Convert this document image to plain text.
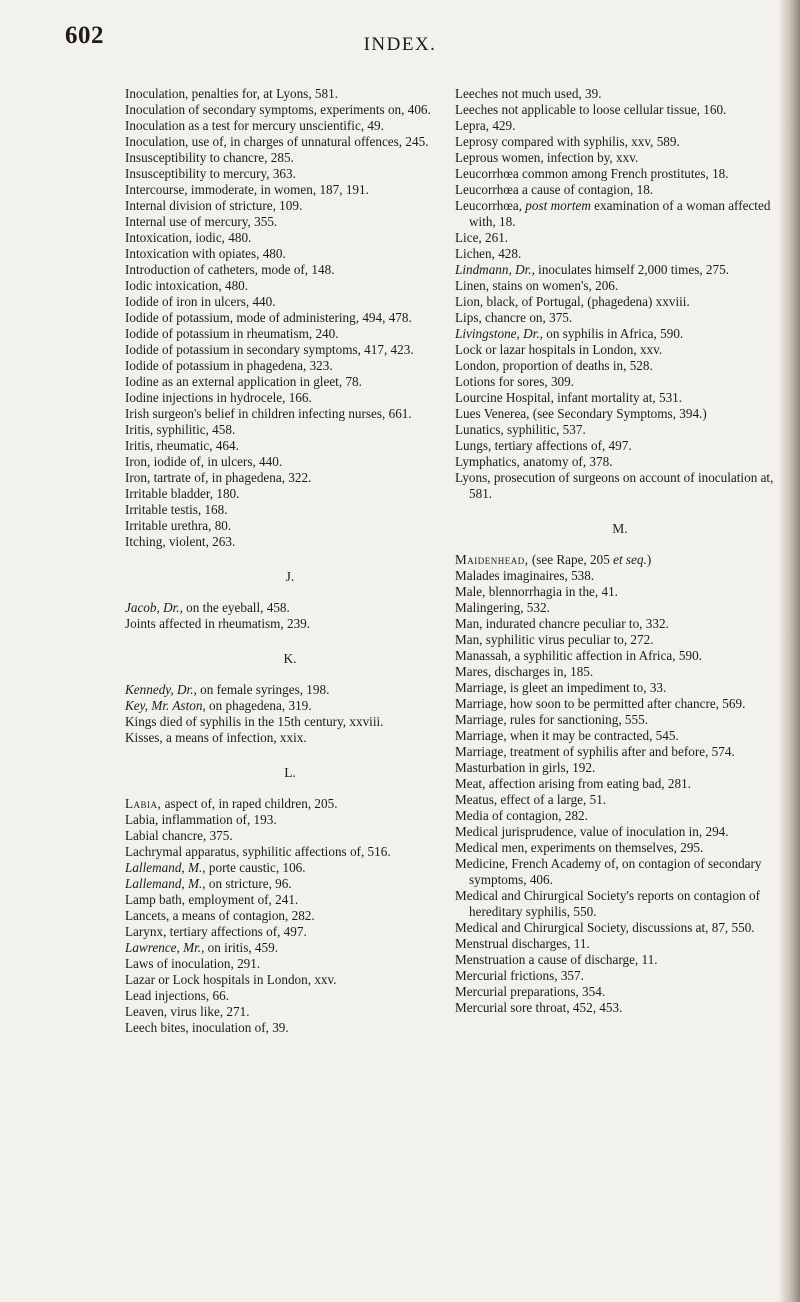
602	INDEX.
Inoculation, penalties for, at Lyons, 581.
Inoculation of secondary symptoms, experiments on, 406.
Inoculation as a test for mercury unscientific, 49.
Inoculation, use of, in charges of unnatural offences, 245.
Insusceptibility to chancre, 285.
Insusceptibility to mercury, 363.
Intercourse, immoderate, in women, 187, 191.
Internal division of stricture, 109.
Internal use of mercury, 355.
Intoxication, iodic, 480.
Intoxication with opiates, 480.
Introduction of catheters, mode of, 148.
Iodic intoxication, 480.
Iodide of iron in ulcers, 440.
Iodide of potassium, mode of administering, 494, 478.
Iodide of potassium in rheumatism, 240.
Iodide of potassium in secondary symptoms, 417, 423.
Iodide of potassium in phagedena, 323.
Iodine as an external application in gleet, 78.
Iodine injections in hydrocele, 166.
Irish surgeon's belief in children infecting nurses, 661.
Iritis, syphilitic, 458.
Iritis, rheumatic, 464.
Iron, iodide of, in ulcers, 440.
Iron, tartrate of, in phagedena, 322.
Irritable bladder, 180.
Irritable testis, 168.
Irritable urethra, 80.
Itching, violent, 263.
J.
Jacob, Dr., on the eyeball, 458.
Joints affected in rheumatism, 239.
K.
Kennedy, Dr., on female syringes, 198.
Key, Mr. Aston, on phagedena, 319.
Kings died of syphilis in the 15th century, xxviii.
Kisses, a means of infection, xxix.
L.
Labia, aspect of, in raped children, 205.
Labia, inflammation of, 193.
Labial chancre, 375.
Lachrymal apparatus, syphilitic affections of, 516.
Lallemand, M., porte caustic, 106.
Lallemand, M., on stricture, 96.
Lamp bath, employment of, 241.
Lancets, a means of contagion, 282.
Larynx, tertiary affections of, 497.
Lawrence, Mr., on iritis, 459.
Laws of inoculation, 291.
Lazar or Lock hospitals in London, xxv.
Lead injections, 66.
Leaven, virus like, 271.
Leech bites, inoculation of, 39.
Leeches not much used, 39.
Leeches not applicable to loose cellular tissue, 160.
Lepra, 429.
Leprosy compared with syphilis, xxv, 589.
Leprous women, infection by, xxv.
Leucorrhœa common among French prostitutes, 18.
Leucorrhœa a cause of contagion, 18.
Leucorrhœa, post mortem examination of a woman affected with, 18.
Lice, 261.
Lichen, 428.
Lindmann, Dr., inoculates himself 2,000 times, 275.
Linen, stains on women's, 206.
Lion, black, of Portugal, (phagedena) xxviii.
Lips, chancre on, 375.
Livingstone, Dr., on syphilis in Africa, 590.
Lock or lazar hospitals in London, xxv.
London, proportion of deaths in, 528.
Lotions for sores, 309.
Lourcine Hospital, infant mortality at, 531.
Lues Venerea, (see Secondary Symptoms, 394.)
Lunatics, syphilitic, 537.
Lungs, tertiary affections of, 497.
Lymphatics, anatomy of, 378.
Lyons, prosecution of surgeons on account of inoculation at, 581.
M.
Maidenhead, (see Rape, 205 et seq.)
Malades imaginaires, 538.
Male, blennorrhagia in the, 41.
Malingering, 532.
Man, indurated chancre peculiar to, 332.
Man, syphilitic virus peculiar to, 272.
Manassah, a syphilitic affection in Africa, 590.
Mares, discharges in, 185.
Marriage, is gleet an impediment to, 33.
Marriage, how soon to be permitted after chancre, 569.
Marriage, rules for sanctioning, 555.
Marriage, when it may be contracted, 545.
Marriage, treatment of syphilis after and before, 574.
Masturbation in girls, 192.
Meat, affection arising from eating bad, 281.
Meatus, effect of a large, 51.
Media of contagion, 282.
Medical jurisprudence, value of inoculation in, 294.
Medical men, experiments on themselves, 295.
Medicine, French Academy of, on contagion of secondary symptoms, 406.
Medical and Chirurgical Society's reports on contagion of hereditary syphilis, 550.
Medical and Chirurgical Society, discussions at, 87, 550.
Menstrual discharges, 11.
Menstruation a cause of discharge, 11.
Mercurial frictions, 357.
Mercurial preparations, 354.
Mercurial sore throat, 452, 453.
